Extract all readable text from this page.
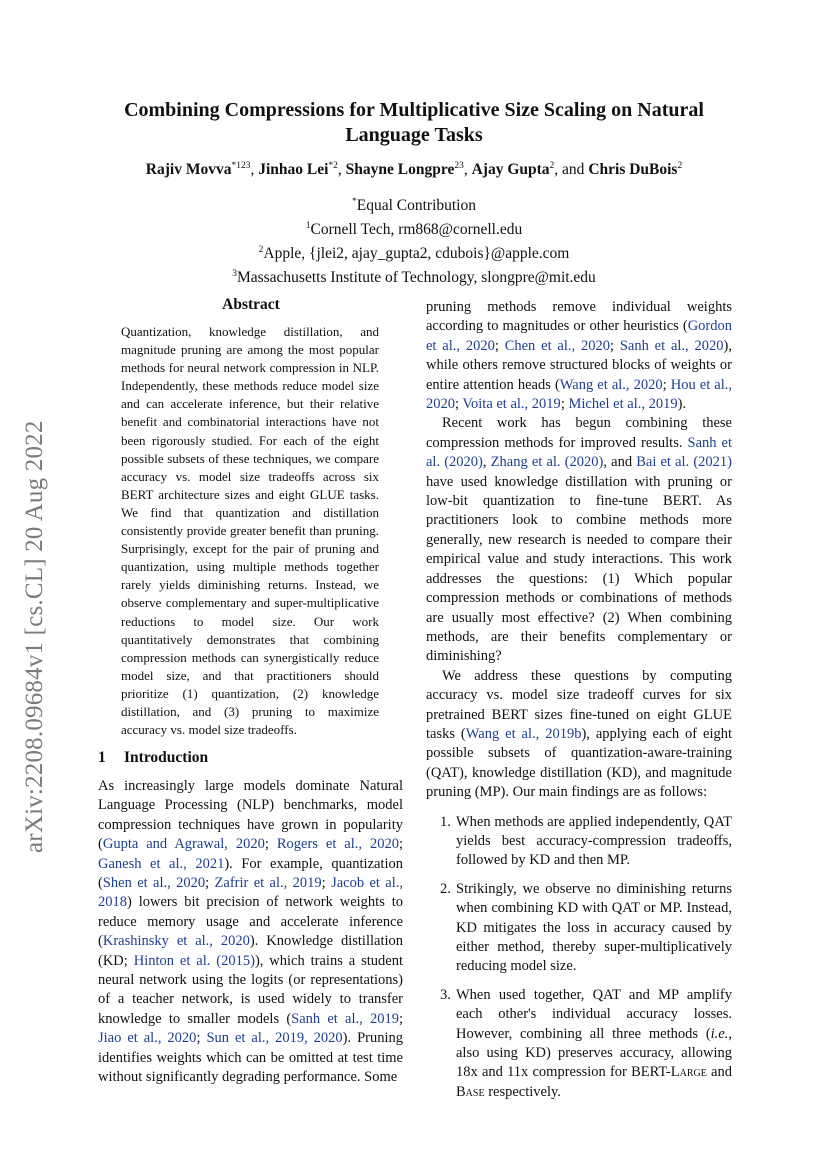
arXiv:2208.09684v1 [cs.CL] 20 Aug 2022
Combining Compressions for Multiplicative Size Scaling on Natural Language Tasks
Rajiv Movva$^{*123}$, Jinhao Lei$^{*2}$, Shayne Longpre$^{23}$, Ajay Gupta$^2$, and Chris DuBois$^2$
*Equal Contribution
$^1$Cornell Tech, rm868@cornell.edu
$^2$Apple, {jlei2, ajay_gupta2, cdubois}@apple.com
$^3$Massachusetts Institute of Technology, slongpre@mit.edu
Abstract
Quantization, knowledge distillation, and magnitude pruning are among the most popular methods for neural network compression in NLP. Independently, these methods reduce model size and can accelerate inference, but their relative benefit and combinatorial interactions have not been rigorously studied. For each of the eight possible subsets of these techniques, we compare accuracy vs. model size tradeoffs across six BERT architecture sizes and eight GLUE tasks. We find that quantization and distillation consistently provide greater benefit than pruning. Surprisingly, except for the pair of pruning and quantization, using multiple methods together rarely yields diminishing returns. Instead, we observe complementary and super-multiplicative reductions to model size. Our work quantitatively demonstrates that combining compression methods can synergistically reduce model size, and that practitioners should prioritize (1) quantization, (2) knowledge distillation, and (3) pruning to maximize accuracy vs. model size tradeoffs.
1 Introduction
As increasingly large models dominate Natural Language Processing (NLP) benchmarks, model compression techniques have grown in popularity (Gupta and Agrawal, 2020; Rogers et al., 2020; Ganesh et al., 2021). For example, quantization (Shen et al., 2020; Zafrir et al., 2019; Jacob et al., 2018) lowers bit precision of network weights to reduce memory usage and accelerate inference (Krashinsky et al., 2020). Knowledge distillation (KD; Hinton et al. (2015)), which trains a student neural network using the logits (or representations) of a teacher network, is used widely to transfer knowledge to smaller models (Sanh et al., 2019; Jiao et al., 2020; Sun et al., 2019, 2020). Pruning identifies weights which can be omitted at test time without significantly degrading performance. Some

pruning methods remove individual weights according to magnitudes or other heuristics (Gordon et al., 2020; Chen et al., 2020; Sanh et al., 2020), while others remove structured blocks of weights or entire attention heads (Wang et al., 2020; Hou et al., 2020; Voita et al., 2019; Michel et al., 2019).

Recent work has begun combining these compression methods for improved results. Sanh et al. (2020), Zhang et al. (2020), and Bai et al. (2021) have used knowledge distillation with pruning or low-bit quantization to fine-tune BERT. As practitioners look to combine methods more generally, new research is needed to compare their empirical value and study interactions. This work addresses the questions: (1) Which popular compression methods or combinations of methods are usually most effective? (2) When combining methods, are their benefits complementary or diminishing?

We address these questions by computing accuracy vs. model size tradeoff curves for six pretrained BERT sizes fine-tuned on eight GLUE tasks (Wang et al., 2019b), applying each of eight possible subsets of quantization-aware-training (QAT), knowledge distillation (KD), and magnitude pruning (MP). Our main findings are as follows:

1. When methods are applied independently, QAT yields best accuracy-compression tradeoffs, followed by KD and then MP.
2. Strikingly, we observe no diminishing returns when combining KD with QAT or MP. Instead, KD mitigates the loss in accuracy caused by either method, thereby super-multiplicatively reducing model size.
3. When used together, QAT and MP amplify each other's individual accuracy losses. However, combining all three methods (i.e., also using KD) preserves accuracy, allowing 18x and 11x compression for BERT-Large and Base respectively.
